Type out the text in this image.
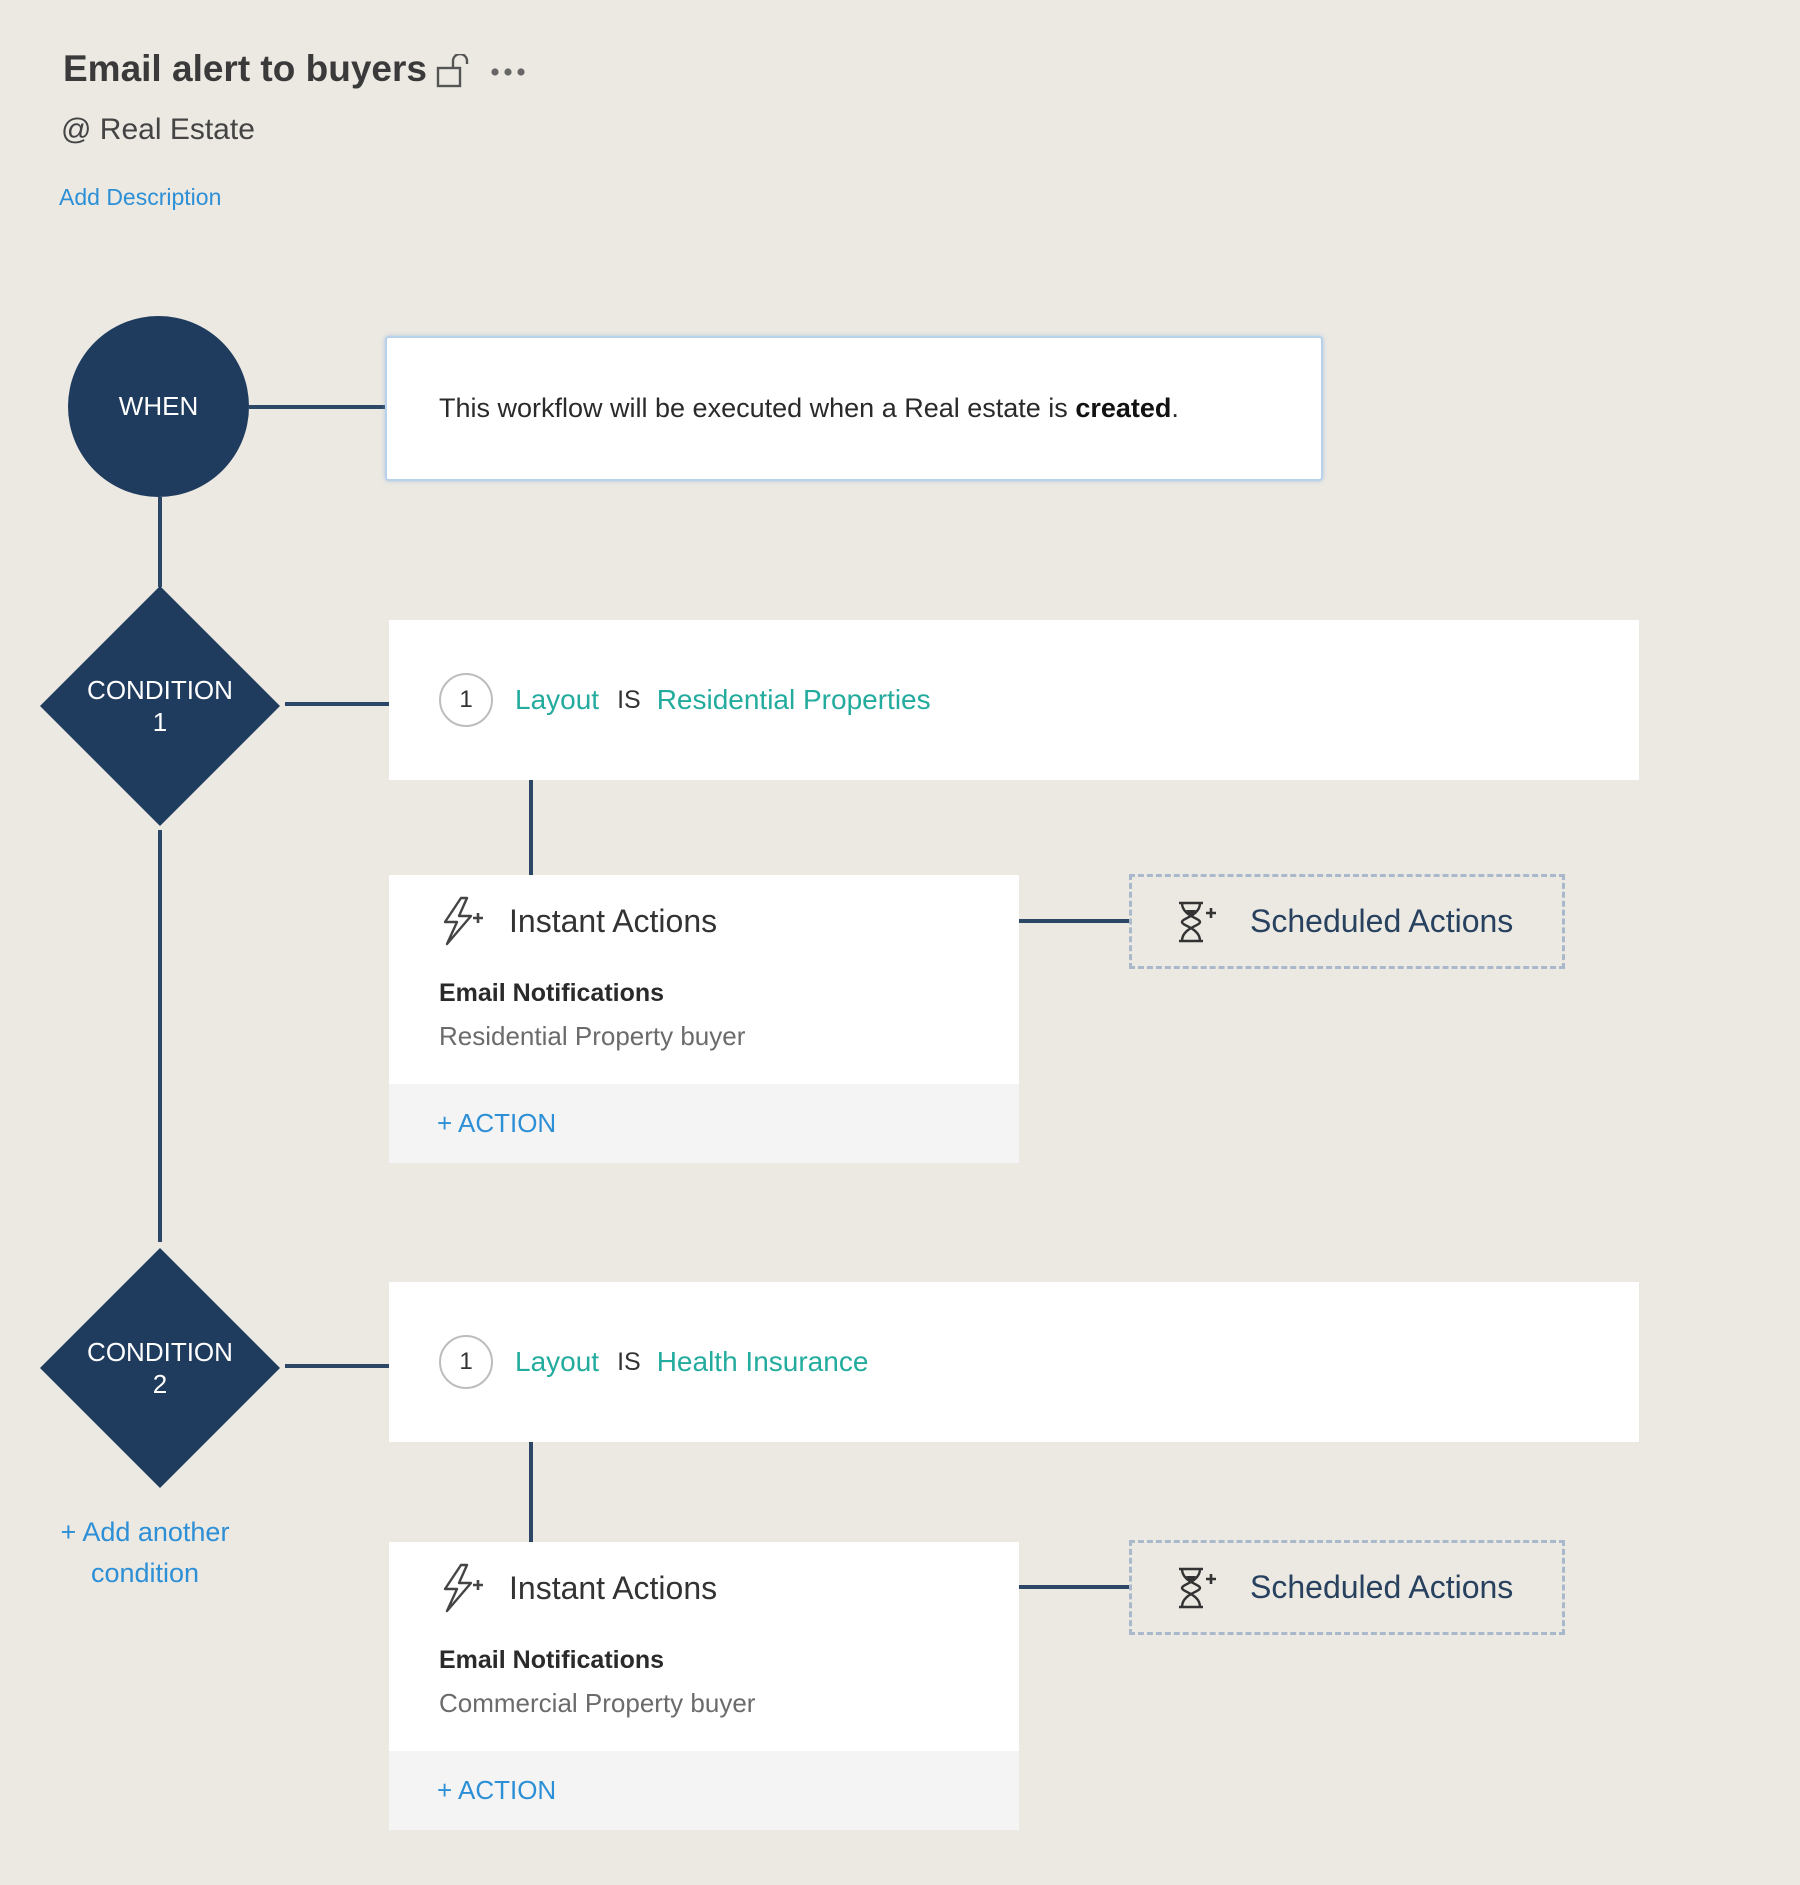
Email alert to buyers
@ Real Estate
Add Description
WHEN	This workflow will be executed when a Real estate is
created .
CONDITION
1
1	Layout IS Residential Properties
Instant Actions
Email Notifications
Residential Property buyer
+ ACTION
Scheduled Actions
CONDITION
2
1	Layout IS Health Insurance
Instant Actions
Email Notifications
Commercial Property buyer
+ ACTION
Scheduled Actions
+ Add another
condition
